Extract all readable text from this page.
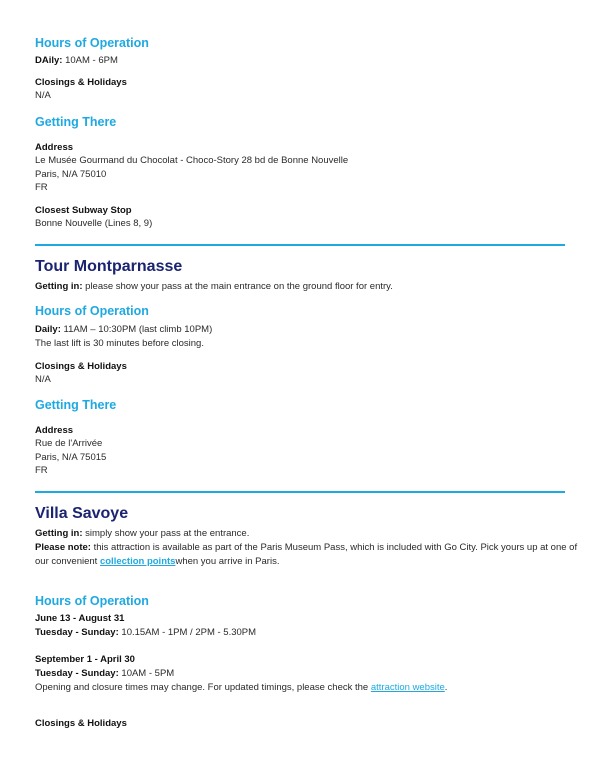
Hours of Operation
DAily: 10AM - 6PM
Closings & Holidays
N/A
Getting There
Address
Le Musée Gourmand du Chocolat - Choco-Story 28 bd de Bonne Nouvelle
Paris, N/A 75010
FR
Closest Subway Stop
Bonne Nouvelle (Lines 8, 9)
Tour Montparnasse
Getting in: please show your pass at the main entrance on the ground floor for entry.
Hours of Operation
Daily: 11AM – 10:30PM (last climb 10PM)
The last lift is 30 minutes before closing.
Closings & Holidays
N/A
Getting There
Address
Rue de l'Arrivée
Paris, N/A 75015
FR
Villa Savoye
Getting in: simply show your pass at the entrance.
Please note: this attraction is available as part of the Paris Museum Pass, which is included with Go City. Pick yours up at one of
our convenient collection pointswhen you arrive in Paris.
Hours of Operation
June 13 - August 31
Tuesday - Sunday: 10.15AM - 1PM / 2PM - 5.30PM
September 1 - April 30
Tuesday - Sunday: 10AM - 5PM
Opening and closure times may change. For updated timings, please check the attraction website.
Closings & Holidays
